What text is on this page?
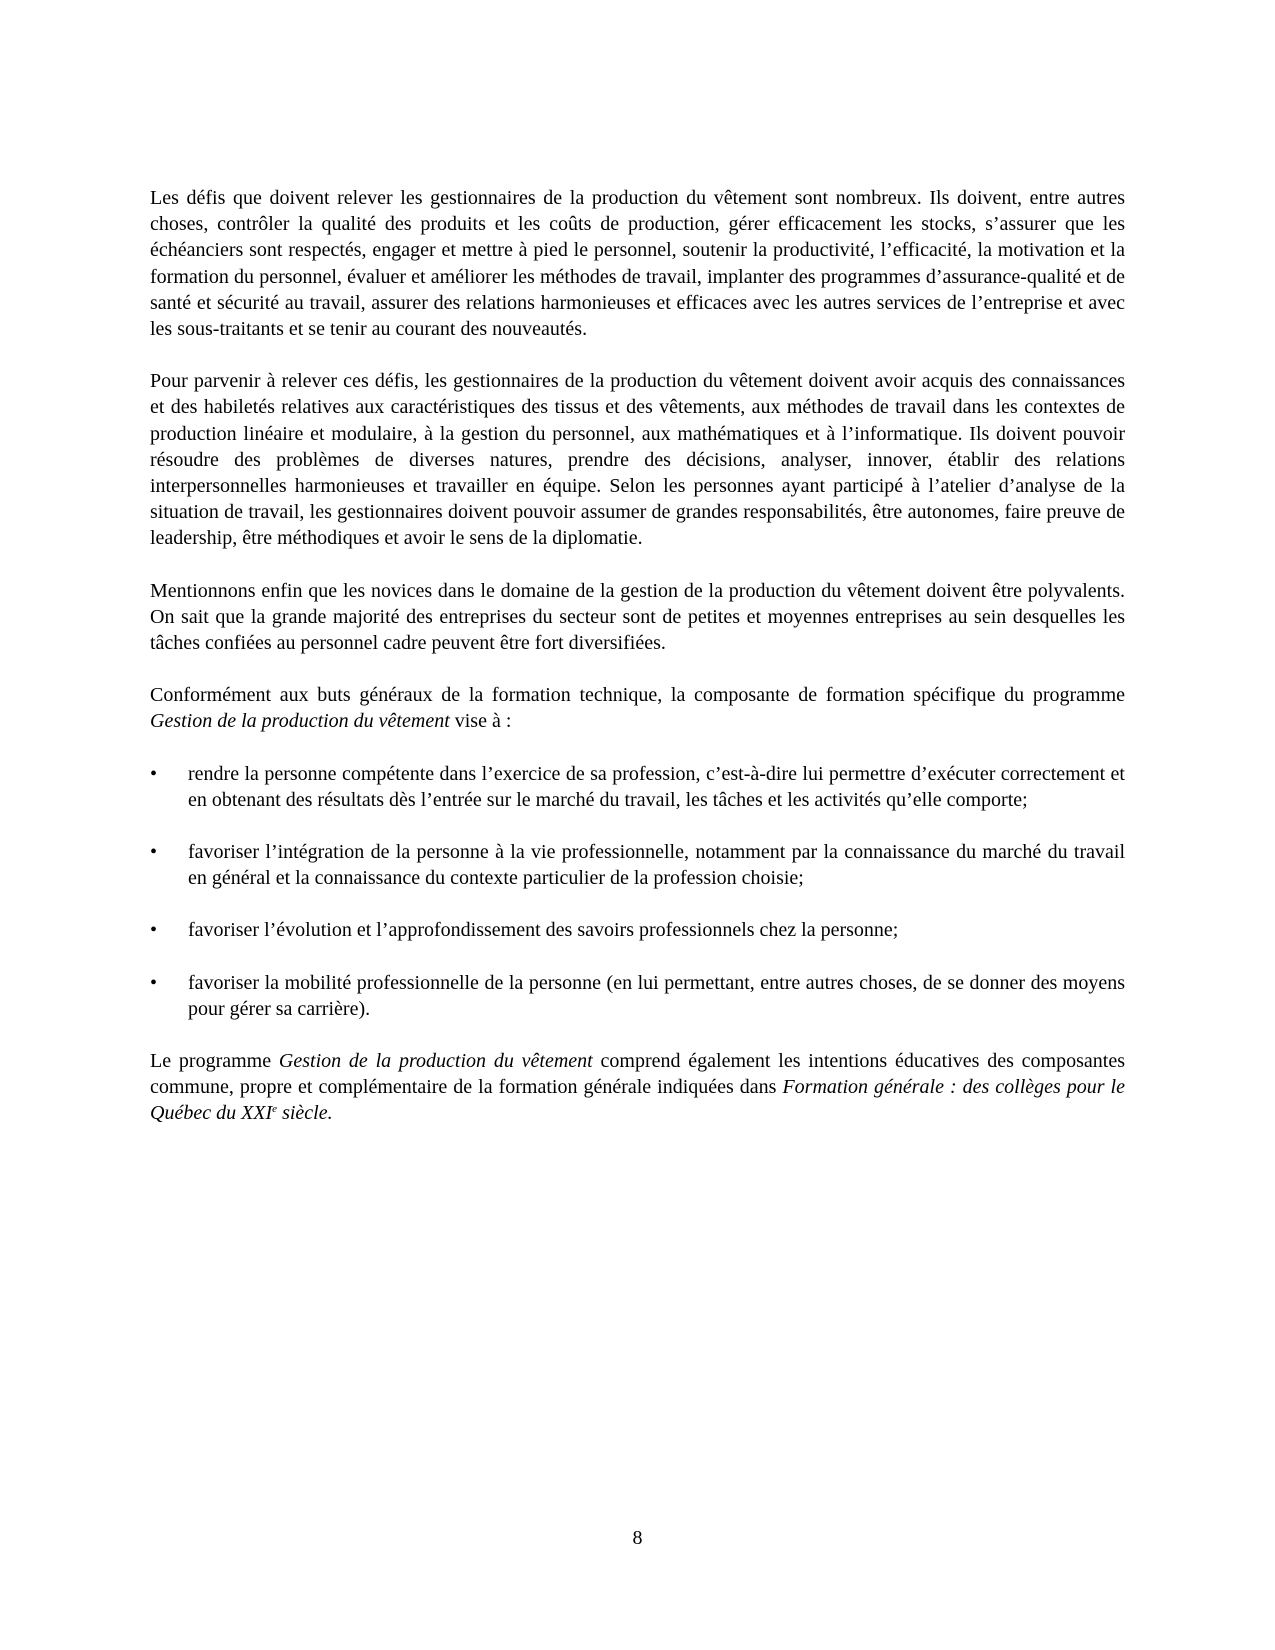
Les défis que doivent relever les gestionnaires de la production du vêtement sont nombreux. Ils doivent, entre autres choses, contrôler la qualité des produits et les coûts de production, gérer efficacement les stocks, s’assurer que les échéanciers sont respectés, engager et mettre à pied le personnel, soutenir la productivité, l’efficacité, la motivation et la formation du personnel, évaluer et améliorer les méthodes de travail, implanter des programmes d’assurance-qualité et de santé et sécurité au travail, assurer des relations harmonieuses et efficaces avec les autres services de l’entreprise et avec les sous-traitants et se tenir au courant des nouveautés.

Pour parvenir à relever ces défis, les gestionnaires de la production du vêtement doivent avoir acquis des connaissances et des habiletés relatives aux caractéristiques des tissus et des vêtements, aux méthodes de travail dans les contextes de production linéaire et modulaire, à la gestion du personnel, aux mathématiques et à l’informatique. Ils doivent pouvoir résoudre des problèmes de diverses natures, prendre des décisions, analyser, innover, établir des relations interpersonnelles harmonieuses et travailler en équipe. Selon les personnes ayant participé à l’atelier d’analyse de la situation de travail, les gestionnaires doivent pouvoir assumer de grandes responsabilités, être autonomes, faire preuve de leadership, être méthodiques et avoir le sens de la diplomatie.

Mentionnons enfin que les novices dans le domaine de la gestion de la production du vêtement doivent être polyvalents. On sait que la grande majorité des entreprises du secteur sont de petites et moyennes entreprises au sein desquelles les tâches confiées au personnel cadre peuvent être fort diversifiées.

Conformément aux buts généraux de la formation technique, la composante de formation spécifique du programme Gestion de la production du vêtement vise à :

•	rendre la personne compétente dans l’exercice de sa profession, c’est-à-dire lui permettre d’exécuter correctement et en obtenant des résultats dès l’entrée sur le marché du travail, les tâches et les activités qu’elle comporte;
•	favoriser l’intégration de la personne à la vie professionnelle, notamment par la connaissance du marché du travail en général et la connaissance du contexte particulier de la profession choisie;
•	favoriser l’évolution et l’approfondissement des savoirs professionnels chez la personne;
•	favoriser la mobilité professionnelle de la personne (en lui permettant, entre autres choses, de se donner des moyens pour gérer sa carrière).

Le programme Gestion de la production du vêtement comprend également les intentions éducatives des composantes commune, propre et complémentaire de la formation générale indiquées dans Formation générale : des collèges pour le Québec du XXIe siècle.

8
